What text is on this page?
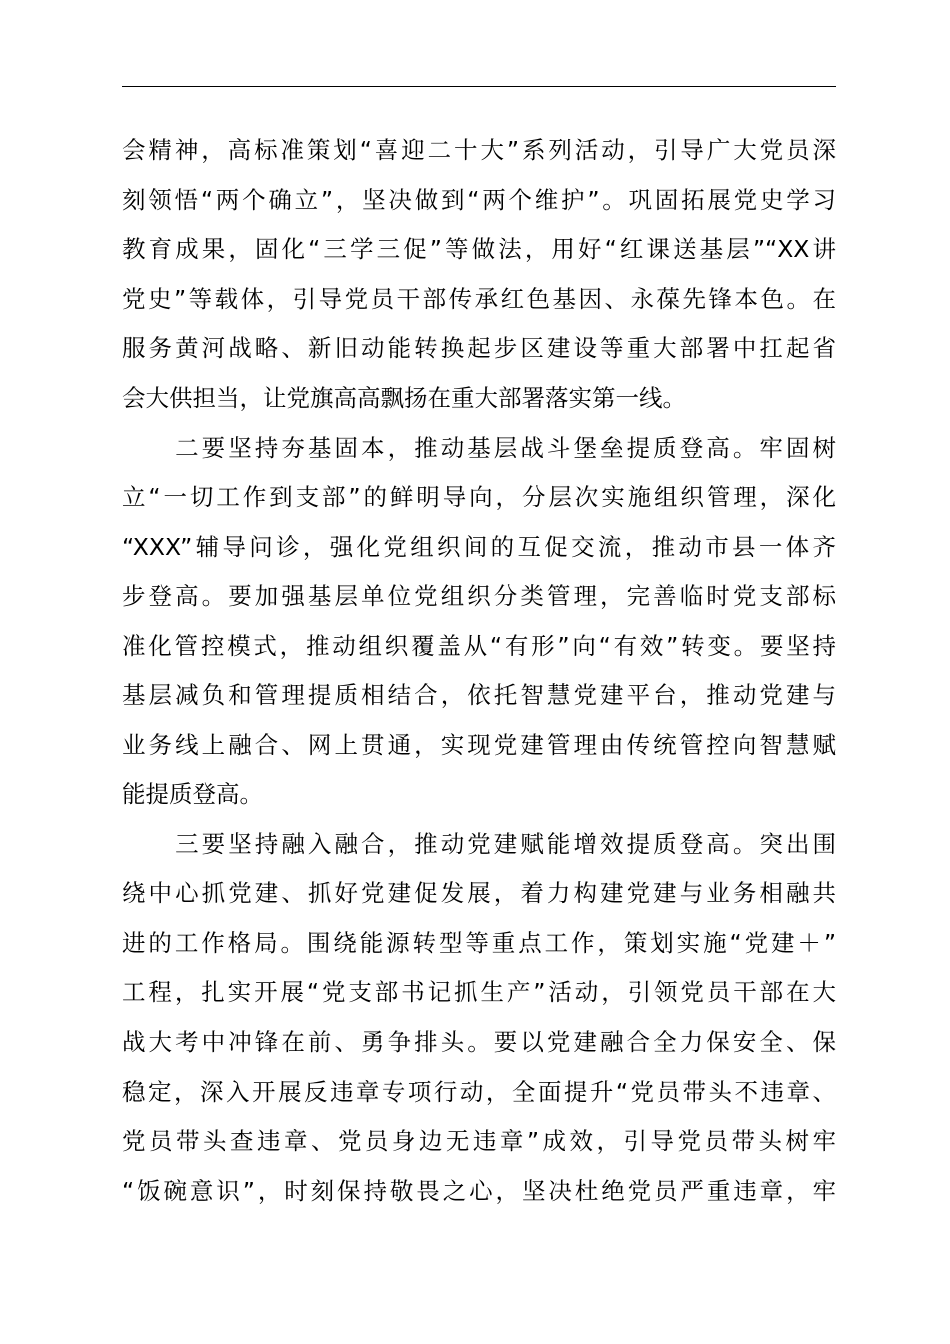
会精神，高标准策划“喜迎二十大”系列活动，引导广大党员深
刻领悟“两个确立”，坚决做到“两个维护”。巩固拓展党史学习
教育成果，固化“三学三促”等做法，用好“红课送基层”“XX讲
党史”等载体，引导党员干部传承红色基因、永葆先锋本色。在
服务黄河战略、新旧动能转换起步区建设等重大部署中扛起省
会大供担当，让党旗高高飘扬在重大部署落实第一线。
　　二要坚持夯基固本，推动基层战斗堡垒提质登高。牢固树
立“一切工作到支部”的鲜明导向，分层次实施组织管理，深化
“XXX”辅导问诊，强化党组织间的互促交流，推动市县一体齐
步登高。要加强基层单位党组织分类管理，完善临时党支部标
准化管控模式，推动组织覆盖从“有形”向“有效”转变。要坚持
基层减负和管理提质相结合，依托智慧党建平台，推动党建与
业务线上融合、网上贯通，实现党建管理由传统管控向智慧赋
能提质登高。
　　三要坚持融入融合，推动党建赋能增效提质登高。突出围
绕中心抓党建、抓好党建促发展，着力构建党建与业务相融共
进的工作格局。围绕能源转型等重点工作，策划实施“党建＋”
工程，扎实开展“党支部书记抓生产”活动，引领党员干部在大
战大考中冲锋在前、勇争排头。要以党建融合全力保安全、保
稳定，深入开展反违章专项行动，全面提升“党员带头不违章、
党员带头查违章、党员身边无违章”成效，引导党员带头树牢
“饭碗意识”，时刻保持敬畏之心，坚决杜绝党员严重违章，牢
